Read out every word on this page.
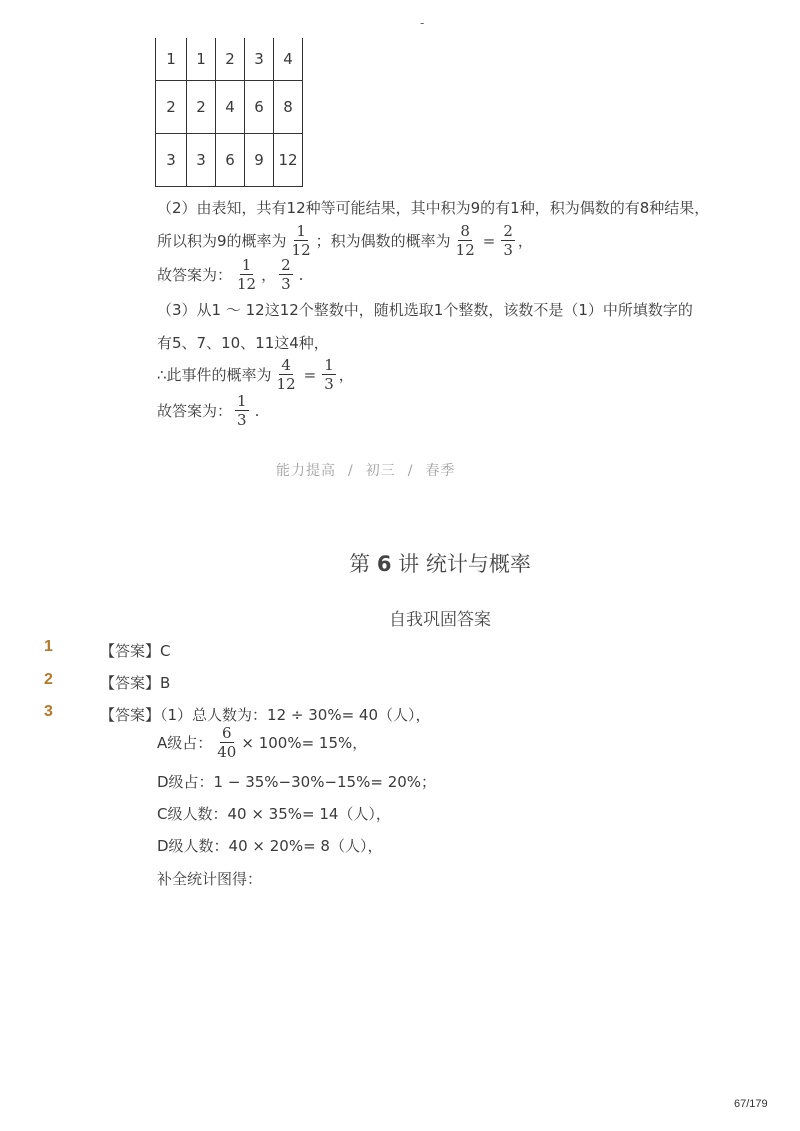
-
1	1	2	3	4
2	2	4	6	8
3	3	6	9	12
（2）由表知，共有12种等可能结果，其中积为9的有1种，积为偶数的有8种结果，
所以积为9的概率为 $\frac{1}{12}$ ；积为偶数的概率为 $\frac{8}{12} = \frac{2}{3}$ ，
故答案为： $\frac{1}{12}$ ， $\frac{2}{3}$ .
（3）从1 ～ 12这12个整数中，随机选取1个整数，该数不是（1）中所填数字的
有5、7、10、11这4种，
∴此事件的概率为 $\frac{4}{12} = \frac{1}{3}$ ，
故答案为： $\frac{1}{3}$ .
能力提高 / 初三 / 春季
第 6 讲 统计与概率
自我巩固答案
1	【答案】C
2	【答案】B
3	【答案】（1）总人数为：12 ÷ 30%= 40（人），
A级占： $\frac{6}{40} \times 100\%= 15\%$，
D级占：1 − 35%−30%−15%= 20%；
C级人数：40 × 35%= 14（人），
D级人数：40 × 20%= 8（人），
补全统计图得：
67/179
